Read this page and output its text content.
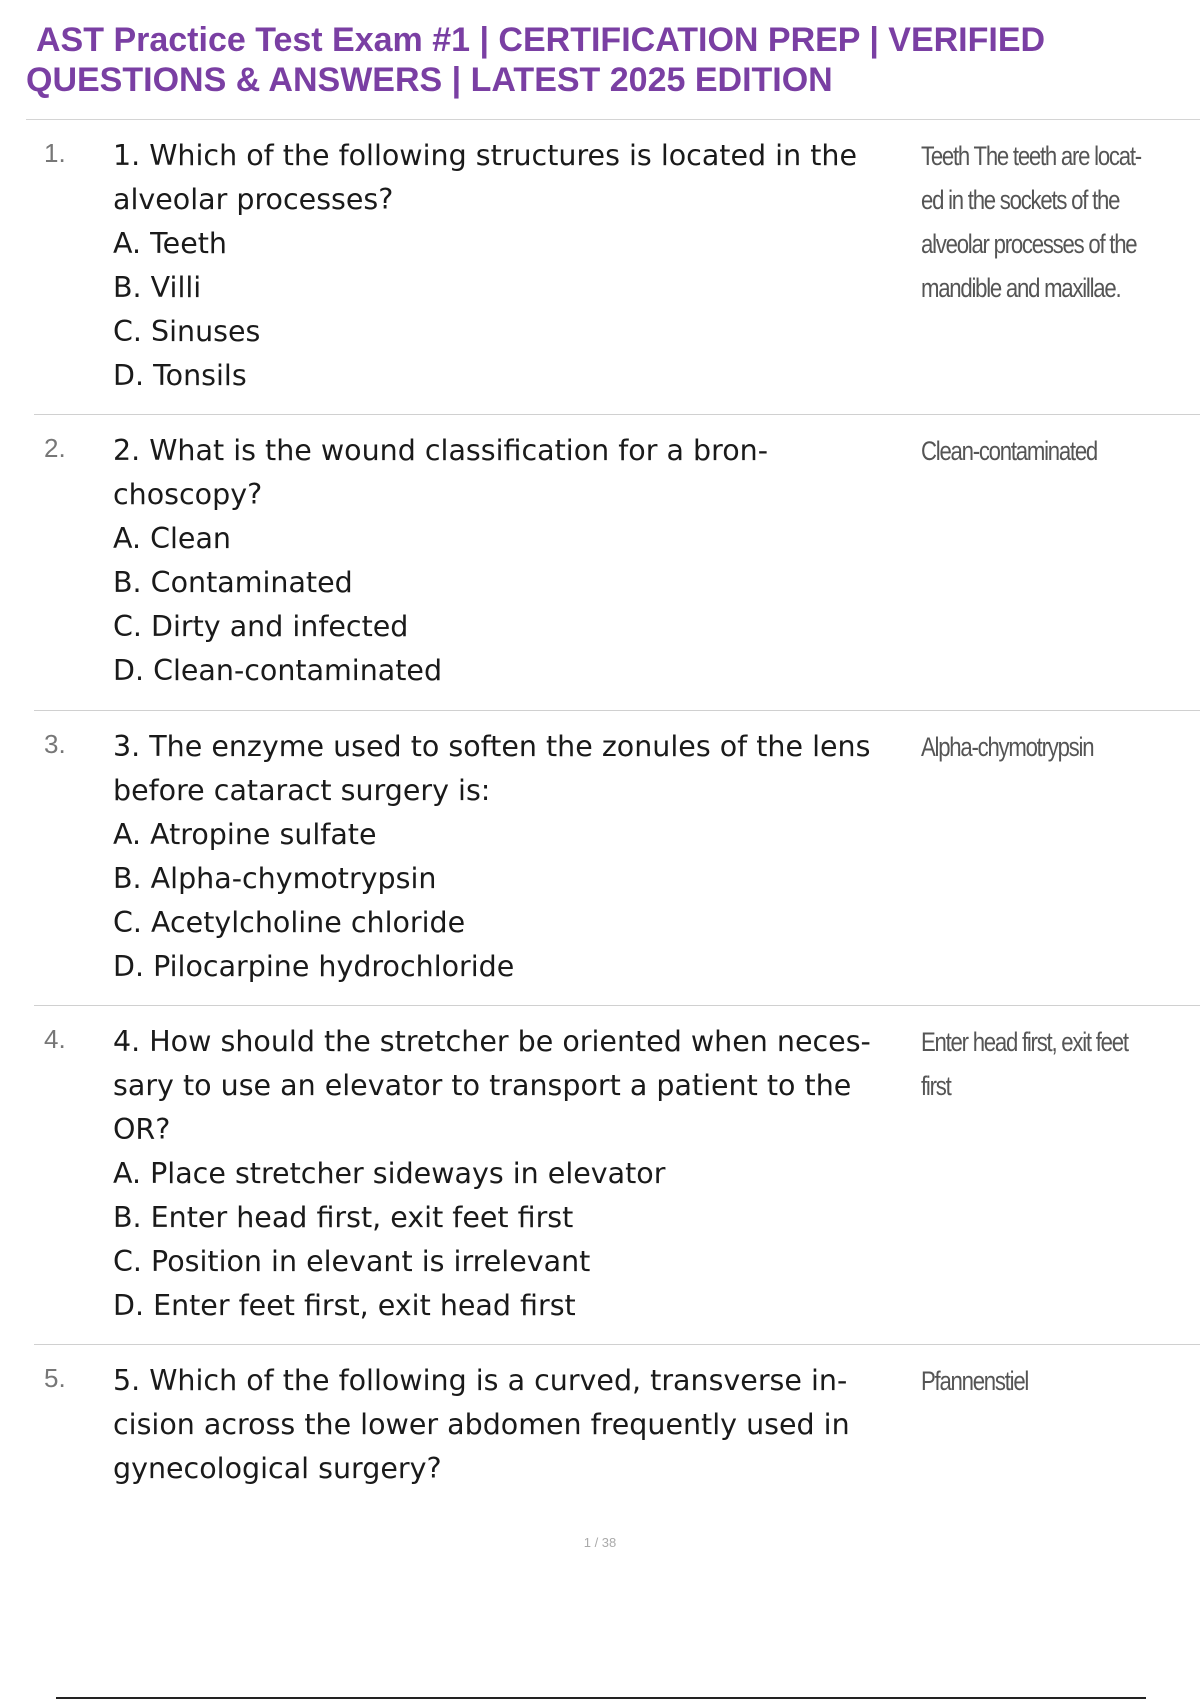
AST Practice Test Exam #1 | CERTIFICATION PREP | VERIFIED
QUESTIONS & ANSWERS | LATEST 2025 EDITION
1. 1. Which of the following structures is located in the
alveolar processes?
A. Teeth
B. Villi
C. Sinuses
D. Tonsils
Teeth The teeth are locat-
ed in the sockets of the
alveolar processes of the
mandible and maxillae.
2. 2. What is the wound classification for a bron-
choscopy?
A. Clean
B. Contaminated
C. Dirty and infected
D. Clean-contaminated
Clean-contaminated
3. 3. The enzyme used to soften the zonules of the lens
before cataract surgery is:
A. Atropine sulfate
B. Alpha-chymotrypsin
C. Acetylcholine chloride
D. Pilocarpine hydrochloride
Alpha-chymotrypsin
4. 4. How should the stretcher be oriented when neces-
sary to use an elevator to transport a patient to the
OR?
A. Place stretcher sideways in elevator
B. Enter head first, exit feet first
C. Position in elevant is irrelevant
D. Enter feet first, exit head first
Enter head first, exit feet
first
5. 5. Which of the following is a curved, transverse in-
cision across the lower abdomen frequently used in
gynecological surgery?
Pfannenstiel
1 / 38
